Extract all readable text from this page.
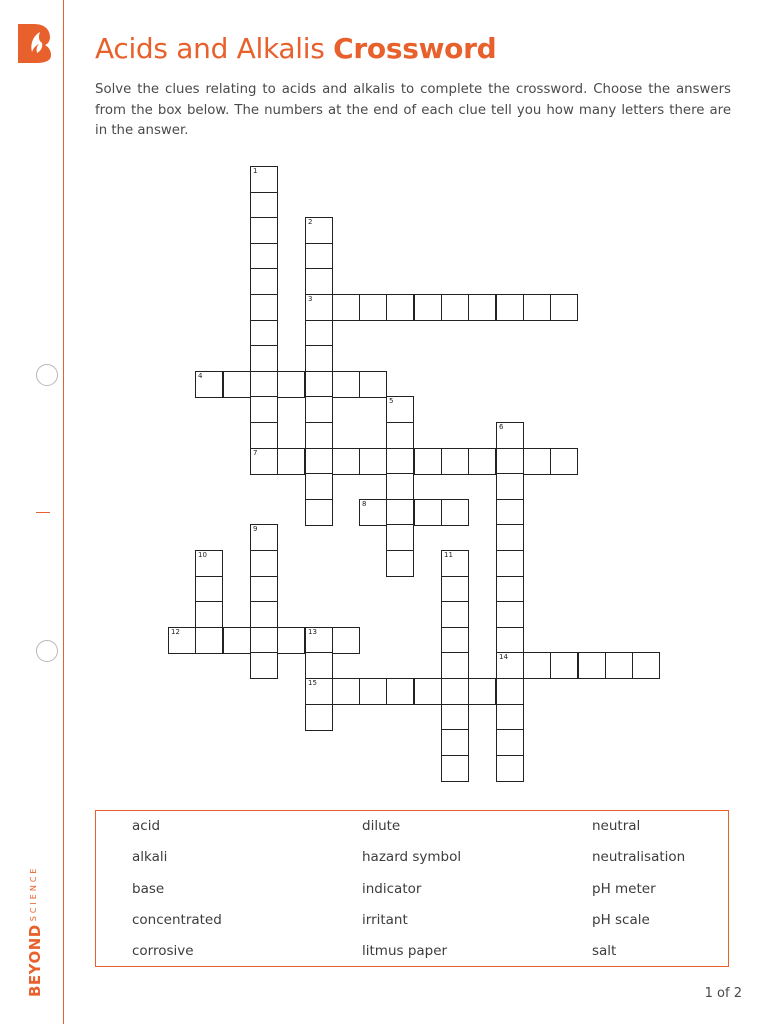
$BEYOND^{SCIENCE}$
Acids and Alkalis Crossword

Solve the clues relating to acids and alkalis to complete the crossword. Choose the answers from the box below. The numbers at the end of each clue tell you how many letters there are in the answer.

1
7
2
3
4
5
6
14
8
9
10	11
12	13
15
acid	dilute	neutral
alkali	hazard symbol	neutralisation
base	indicator	pH meter
concentrated	irritant	pH scale
corrosive	litmus paper	salt
1 of 2
